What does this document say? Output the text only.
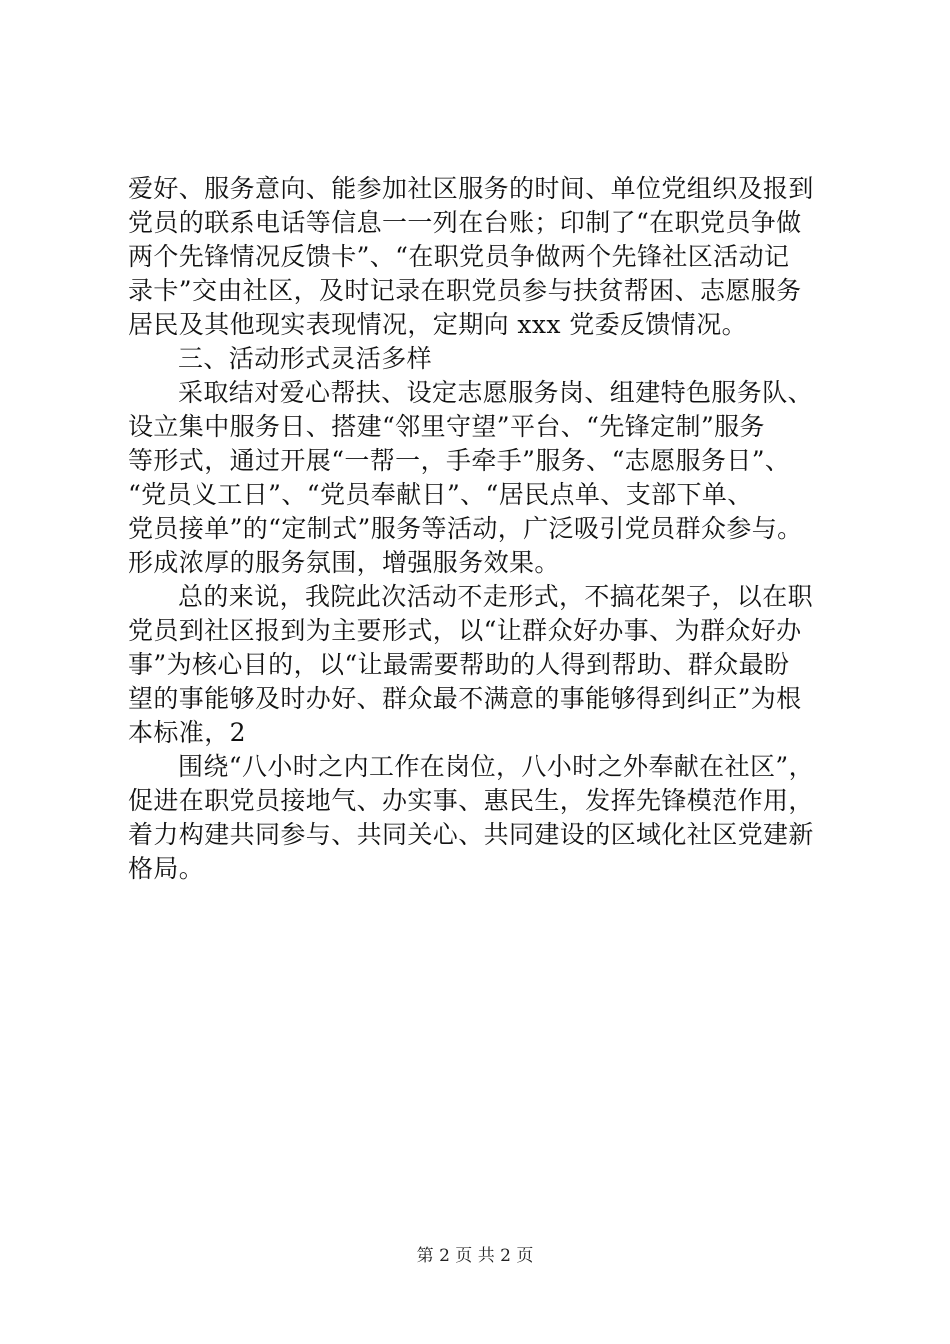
爱好、服务意向、能参加社区服务的时间、单位党组织及报到
党员的联系电话等信息一一列在台账；印制了“在职党员争做
两个先锋情况反馈卡”、“在职党员争做两个先锋社区活动记
录卡”交由社区，及时记录在职党员参与扶贫帮困、志愿服务
居民及其他现实表现情况，定期向 xxx 党委反馈情况。
三、活动形式灵活多样
采取结对爱心帮扶、设定志愿服务岗、组建特色服务队、
设立集中服务日、搭建“邻里守望”平台、“先锋定制”服务
等形式，通过开展“一帮一，手牵手”服务、“志愿服务日”、
“党员义工日”、“党员奉献日”、“居民点单、支部下单、
党员接单”的“定制式”服务等活动，广泛吸引党员群众参与。
形成浓厚的服务氛围，增强服务效果。
总的来说，我院此次活动不走形式，不搞花架子，以在职
党员到社区报到为主要形式，以“让群众好办事、为群众好办
事”为核心目的，以“让最需要帮助的人得到帮助、群众最盼
望的事能够及时办好、群众最不满意的事能够得到纠正”为根
本标准，2
围绕“八小时之内工作在岗位，八小时之外奉献在社区”，
促进在职党员接地气、办实事、惠民生，发挥先锋模范作用，
着力构建共同参与、共同关心、共同建设的区域化社区党建新
格局。
第 2 页 共 2 页
